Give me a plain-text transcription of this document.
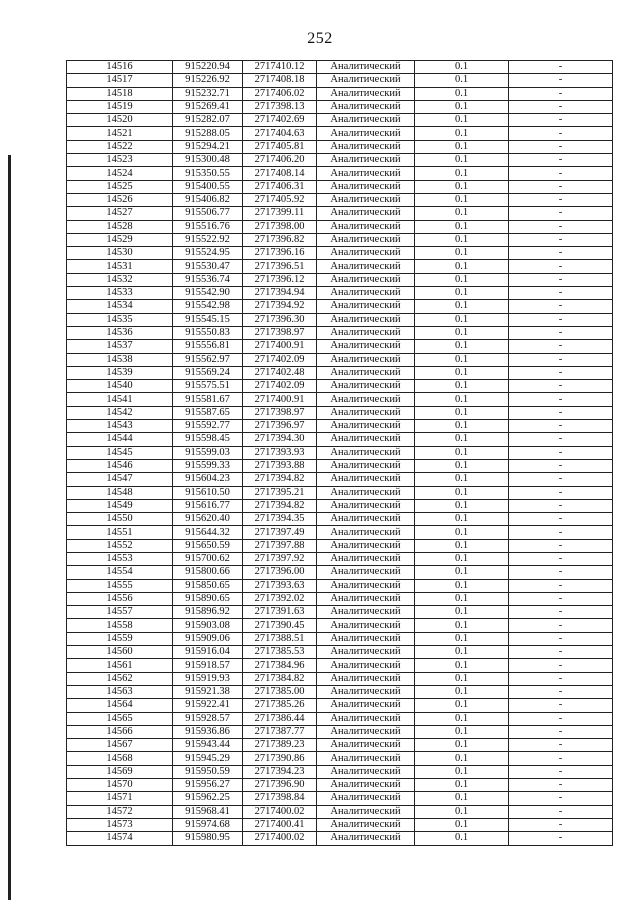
252
14516	915220.94	2717410.12	Аналитический	0.1	-
14517	915226.92	2717408.18	Аналитический	0.1	-
14518	915232.71	2717406.02	Аналитический	0.1	-
14519	915269.41	2717398.13	Аналитический	0.1	-
14520	915282.07	2717402.69	Аналитический	0.1	-
14521	915288.05	2717404.63	Аналитический	0.1	-
14522	915294.21	2717405.81	Аналитический	0.1	-
14523	915300.48	2717406.20	Аналитический	0.1	-
14524	915350.55	2717408.14	Аналитический	0.1	-
14525	915400.55	2717406.31	Аналитический	0.1	-
14526	915406.82	2717405.92	Аналитический	0.1	-
14527	915506.77	2717399.11	Аналитический	0.1	-
14528	915516.76	2717398.00	Аналитический	0.1	-
14529	915522.92	2717396.82	Аналитический	0.1	-
14530	915524.95	2717396.16	Аналитический	0.1	-
14531	915530.47	2717396.51	Аналитический	0.1	-
14532	915536.74	2717396.12	Аналитический	0.1	-
14533	915542.90	2717394.94	Аналитический	0.1	-
14534	915542.98	2717394.92	Аналитический	0.1	-
14535	915545.15	2717396.30	Аналитический	0.1	-
14536	915550.83	2717398.97	Аналитический	0.1	-
14537	915556.81	2717400.91	Аналитический	0.1	-
14538	915562.97	2717402.09	Аналитический	0.1	-
14539	915569.24	2717402.48	Аналитический	0.1	-
14540	915575.51	2717402.09	Аналитический	0.1	-
14541	915581.67	2717400.91	Аналитический	0.1	-
14542	915587.65	2717398.97	Аналитический	0.1	-
14543	915592.77	2717396.97	Аналитический	0.1	-
14544	915598.45	2717394.30	Аналитический	0.1	-
14545	915599.03	2717393.93	Аналитический	0.1	-
14546	915599.33	2717393.88	Аналитический	0.1	-
14547	915604.23	2717394.82	Аналитический	0.1	-
14548	915610.50	2717395.21	Аналитический	0.1	-
14549	915616.77	2717394.82	Аналитический	0.1	-
14550	915620.40	2717394.35	Аналитический	0.1	-
14551	915644.32	2717397.49	Аналитический	0.1	-
14552	915650.59	2717397.88	Аналитический	0.1	-
14553	915700.62	2717397.92	Аналитический	0.1	-
14554	915800.66	2717396.00	Аналитический	0.1	-
14555	915850.65	2717393.63	Аналитический	0.1	-
14556	915890.65	2717392.02	Аналитический	0.1	-
14557	915896.92	2717391.63	Аналитический	0.1	-
14558	915903.08	2717390.45	Аналитический	0.1	-
14559	915909.06	2717388.51	Аналитический	0.1	-
14560	915916.04	2717385.53	Аналитический	0.1	-
14561	915918.57	2717384.96	Аналитический	0.1	-
14562	915919.93	2717384.82	Аналитический	0.1	-
14563	915921.38	2717385.00	Аналитический	0.1	-
14564	915922.41	2717385.26	Аналитический	0.1	-
14565	915928.57	2717386.44	Аналитический	0.1	-
14566	915936.86	2717387.77	Аналитический	0.1	-
14567	915943.44	2717389.23	Аналитический	0.1	-
14568	915945.29	2717390.86	Аналитический	0.1	-
14569	915950.59	2717394.23	Аналитический	0.1	-
14570	915956.27	2717396.90	Аналитический	0.1	-
14571	915962.25	2717398.84	Аналитический	0.1	-
14572	915968.41	2717400.02	Аналитический	0.1	-
14573	915974.68	2717400.41	Аналитический	0.1	-
14574	915980.95	2717400.02	Аналитический	0.1	-
